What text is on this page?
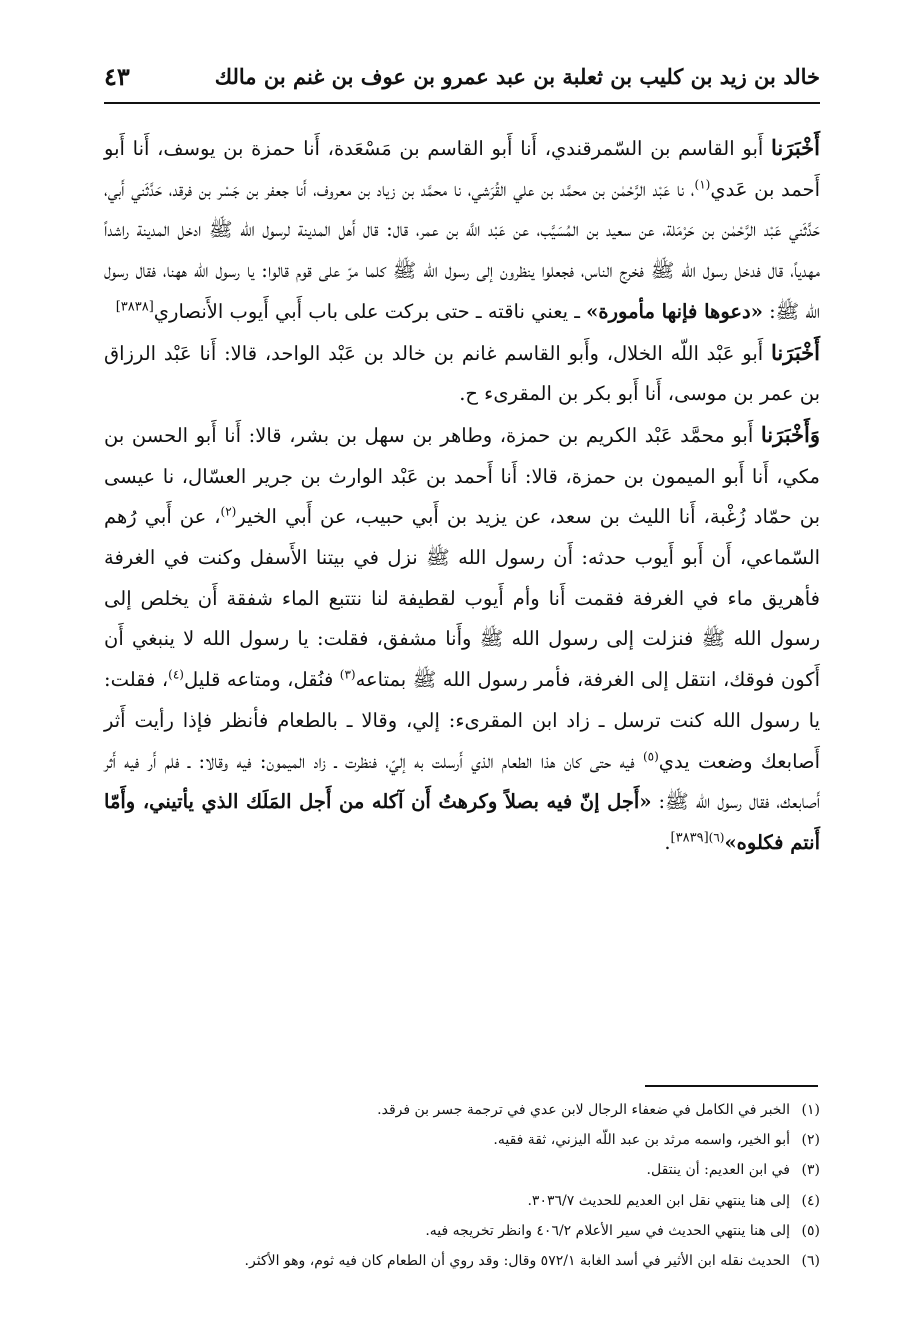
خالد بن زيد بن كليب بن ثعلبة بن عبد عمرو بن عوف بن غنم بن مالك
٤٣

أَخْبَرَنا أَبو القاسم بن السّمرقندي، أَنا أَبو القاسم بن مَسْعَدة، أَنا حمزة بن يوسف، أَنا أَبو أَحمد بن عَدي$^{(١)}$، نا عَبْد الرَّحْمٰن بن محمَّد بن علي القُرَشي، نا محمَّد بن زياد بن معروف، أَنا جعفر بن جَسْر بن فرقد، حَدَّثَني أَبي، حَدَّثَني عَبْد الرَّحْمٰن بن حَرْمَلة، عن سعيد بن المُسَيَّب، عن عَبْد اللَّه بن عمر، قال: قال أَهل المدينة لرسول الله ﷺ ادخل المدينة راشداً مهدياً، قال فدخل رسول الله ﷺ فخرج الناس، فجعلوا ينظرون إلى رسول الله ﷺ كلما مرّ على قوم قالوا: يا رسول الله ههنا، فقال رسول الله ﷺ: «دعوها فإنها مأمورة» ـ يعني ناقته ـ حتى بركت على باب أَبي أَيوب الأَنصاري[٣٨٣٨]

أَخْبَرَنا أَبو عَبْد اللّه الخلال، وأَبو القاسم غانم بن خالد بن عَبْد الواحد، قالا: أَنا عَبْد الرزاق بن عمر بن موسى، أَنا أَبو بكر بن المقرىء ح.

وَأَخْبَرَنا أَبو محمَّد عَبْد الكريم بن حمزة، وطاهر بن سهل بن بشر، قالا: أَنا أَبو الحسن بن مكي، أَنا أَبو الميمون بن حمزة، قالا: أَنا أَحمد بن عَبْد الوارث بن جرير العسّال، نا عيسى بن حمّاد زُغْبة، أَنا الليث بن سعد، عن يزيد بن أَبي حبيب، عن أَبي الخير$^{(٢)}$، عن أَبي رُهم السّماعي، أَن أَبو أَيوب حدثه: أَن رسول الله ﷺ نزل في بيتنا الأَسفل وكنت في الغرفة فأهريق ماء في الغرفة فقمت أَنا وأم أَيوب لقطيفة لنا نتتبع الماء شفقة أَن يخلص إلى رسول الله ﷺ فنزلت إلى رسول الله ﷺ وأَنا مشفق، فقلت: يا رسول الله لا ينبغي أَن أَكون فوقك، انتقل إلى الغرفة، فأمر رسول الله ﷺ بمتاعه$^{(٣)}$ فنُقل، ومتاعه قليل$^{(٤)}$، فقلت: يا رسول الله كنت ترسل ـ زاد ابن المقرىء: إلي، وقالا ـ بالطعام فأنظر فإذا رأيت أَثر أَصابعك وضعت يدي$^{(٥)}$ فيه حتى كان هذا الطعام الذي أَرسلت به إليّ، فنظرت ـ زاد الميمون: فيه وقالا: ـ فلم أَر فيه أَثر أَصابعك، فقال رسول الله ﷺ: «أَجل إنّ فيه بصلاً وكرهتُ أَن آكله من أَجل المَلَك الذي يأتيني، وأَمّا أَنتم فكلوه»$^{(٦)[٣٨٣٩]}$.

(١)الخبر في الكامل في ضعفاء الرجال لابن عدي في ترجمة جسر بن فرقد.
(٢)أبو الخير، واسمه مرثد بن عبد اللّه اليزني، ثقة فقيه.
(٣)في ابن العديم: أن ينتقل.
(٤)إلى هنا ينتهي نقل ابن العديم للحديث ٣٠٣٦/٧.
(٥)إلى هنا ينتهي الحديث في سير الأعلام ٤٠٦/٢ وانظر تخريجه فيه.
(٦)الحديث نقله ابن الأثير في أسد الغابة ٥٧٢/١ وقال: وقد روي أن الطعام كان فيه ثوم، وهو الأكثر.
